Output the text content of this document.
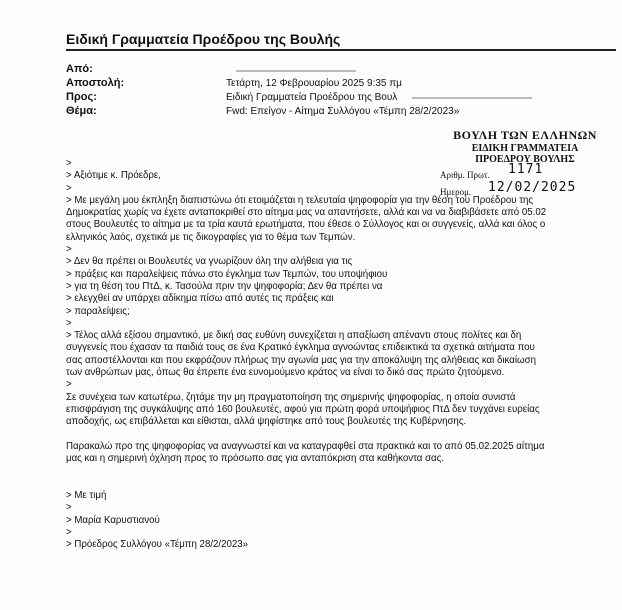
Ειδική Γραμματεία Προέδρου της Βουλής
Από:
Αποστολή:	Τετάρτη, 12 Φεβρουαρίου 2025 9:35 πμ
Προς:	Ειδική Γραμματεία Προέδρου της Βουλ
Θέμα:	Fwd: Επείγον - Αίτημα Συλλόγου «Τέμπη 28/2/2023»
ΒΟΥΛΗ ΤΩΝ ΕΛΛΗΝΩΝ
ΕΙΔΙΚΗ ΓΡΑΜΜΑΤΕΙΑ
ΠΡΟΕΔΡΟΥ ΒΟΥΛΗΣ
Αριθμ. Πρωτ. 1171
Ημερομ. 12/02/2025
>
> Αξιότιμε κ. Πρόεδρε,
>
> Με μεγάλη μου έκπληξη διαπιστώνω ότι ετοιμάζεται η τελευταία ψηφοφορία για την θέση του Προέδρου της
Δημοκρατίας χωρίς να έχετε ανταποκριθεί στο αίτημα μας να απαντήσετε, αλλά και να να διαβιβάσετε από 05.02
στους Βουλευτές το αίτημα με τα τρία καυτά ερωτήματα, που έθεσε ο Σύλλογος και οι συγγενείς, αλλά και όλος ο
ελληνικός λαός, σχετικά με τις δικογραφίες για το θέμα των Τεμπών.
>
> Δεν θα πρέπει οι Βουλευτές να γνωρίζουν όλη την αλήθεια για τις
> πράξεις και παραλείψεις πάνω στο έγκλημα των Τεμπών, του υποψήφιου
> για τη θέση του ΠτΔ, κ. Τασούλα πριν την ψηφοφορία; Δεν θα πρέπει να
> ελεγχθεί αν υπάρχει αδίκημα πίσω από αυτές τις πράξεις και
> παραλείψεις;
>
> Τέλος αλλά εξίσου σημαντικό, με δική σας ευθύνη συνεχίζεται η απαξίωση απέναντι στους πολίτες και δη
συγγενείς που έχασαν τα παιδιά τους σε ένα Κρατικό έγκλημα αγνοώντας επιδεικτικά τα σχετικά αιτήματα που
σας αποστέλλονται και που εκφράζουν πλήρως την αγωνία μας για την αποκάλυψη της αλήθειας και δικαίωση
των ανθρώπων μας, όπως θα έπρεπε ένα ευνομούμενο κράτος να είναι το δικό σας πρώτο ζητούμενο.
>
Σε συνέχεια των κατωτέρω, ζητάμε την μη πραγματοποίηση της σημερινής ψηφοφορίας, η οποία συνιστά
επισφράγιση της συγκάλυψης από 160 βουλευτές, αφού για πρώτη φορά υποψήφιος ΠτΔ δεν τυγχάνει ευρείας
αποδοχής, ως επιβάλλεται και είθισται, αλλά ψηφίστηκε από τους βουλευτές της Κυβέρνησης.
Παρακαλώ προ της ψηφοφορίας να αναγνωστεί και να καταγραφθεί στα πρακτικά και το από 05.02.2025 αίτημα
μας και η σημερινή όχληση προς το πρόσωπο σας για ανταπόκριση στα καθήκοντα σας.
> Με τιμή
>
> Μαρία Καρυστιανού
>
> Πρόεδρος Συλλόγου «Τέμπη 28/2/2023»
